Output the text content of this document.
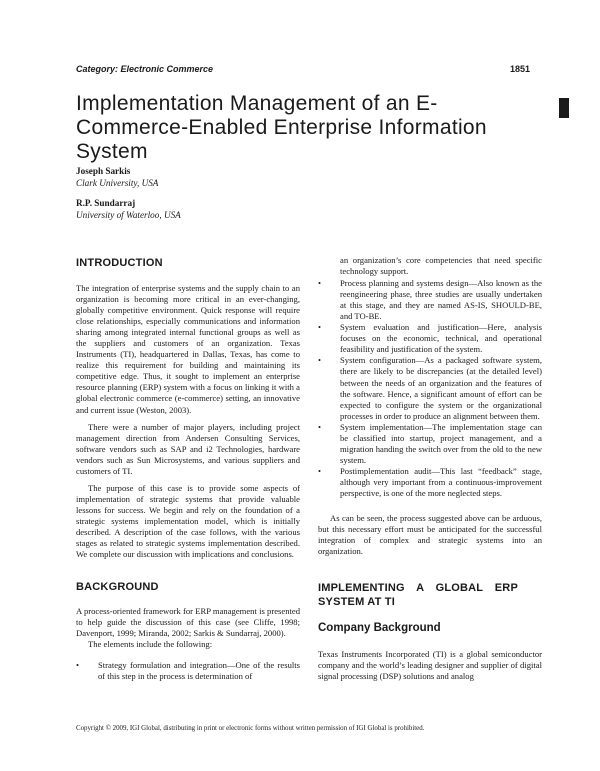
Category: Electronic Commerce	1851
Implementation Management of an E-Commerce-Enabled Enterprise Information System
Joseph Sarkis
Clark University, USA
R.P. Sundarraj
University of Waterloo, USA
INTRODUCTION

The integration of enterprise systems and the supply chain to an organization is becoming more critical in an ever-changing, globally competitive environment. Quick response will require close relationships, especially communications and information sharing among integrated internal functional groups as well as the suppliers and customers of an organization. Texas Instruments (TI), headquartered in Dallas, Texas, has come to realize this requirement for building and maintaining its competitive edge. Thus, it sought to implement an enterprise resource planning (ERP) system with a focus on linking it with a global electronic commerce (e-commerce) setting, an innovative and current issue (Weston, 2003).

There were a number of major players, including project management direction from Andersen Consulting Services, software vendors such as SAP and i2 Technologies, hardware vendors such as Sun Microsystems, and various suppliers and customers of TI.

The purpose of this case is to provide some aspects of implementation of strategic systems that provide valuable lessons for success. We begin and rely on the foundation of a strategic systems implementation model, which is initially described. A description of the case follows, with the various stages as related to strategic systems implementation described. We complete our discussion with implications and conclusions.

BACKGROUND

A process-oriented framework for ERP management is presented to help guide the discussion of this case (see Cliffe, 1998; Davenport, 1999; Miranda, 2002; Sarkis & Sundarraj, 2000).

The elements include the following:

• Strategy formulation and integration—One of the results of this step in the process is determination of
an organization’s core competencies that need specific technology support.
• Process planning and systems design—Also known as the reengineering phase, three studies are usually undertaken at this stage, and they are named AS-IS, SHOULD-BE, and TO-BE.
• System evaluation and justification—Here, analysis focuses on the economic, technical, and operational feasibility and justification of the system.
• System configuration—As a packaged software system, there are likely to be discrepancies (at the detailed level) between the needs of an organization and the features of the software. Hence, a significant amount of effort can be expected to configure the system or the organizational processes in order to produce an alignment between them.
• System implementation—The implementation stage can be classified into startup, project management, and a migration handing the switch over from the old to the new system.
• Postimplementation audit—This last “feedback” stage, although very important from a continuous-improvement perspective, is one of the more neglected steps.

As can be seen, the process suggested above can be arduous, but this necessary effort must be anticipated for the successful integration of complex and strategic systems into an organization.

IMPLEMENTING A GLOBAL ERP SYSTEM AT TI
Company Background

Texas Instruments Incorporated (TI) is a global semiconductor company and the world’s leading designer and supplier of digital signal processing (DSP) solutions and analog

Copyright © 2009, IGI Global, distributing in print or electronic forms without written permission of IGI Global is prohibited.
